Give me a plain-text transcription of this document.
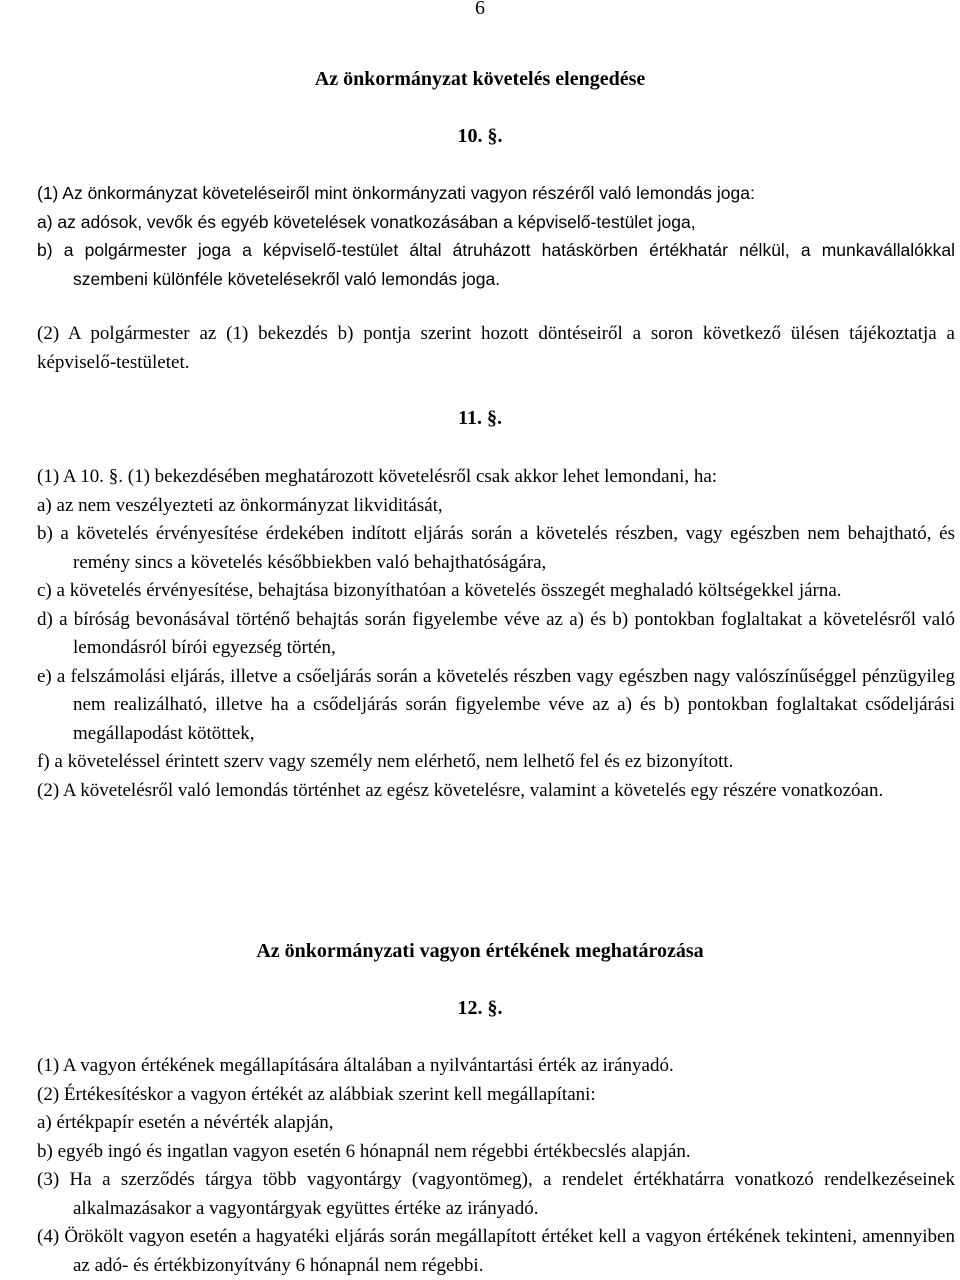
6
Az önkormányzat követelés elengedése
10. §.
(1) Az önkormányzat követeléseiről mint önkormányzati vagyon részéről való lemondás joga:
a) az adósok, vevők és egyéb követelések vonatkozásában a képviselő-testület joga,
b) a polgármester joga a képviselő-testület által átruházott hatáskörben értékhatár nélkül, a munkavállalókkal szembeni különféle követelésekről való lemondás joga.
(2) A polgármester az (1) bekezdés b) pontja szerint hozott döntéseiről a soron következő ülésen tájékoztatja a képviselő-testületet.
11. §.
(1) A 10. §. (1) bekezdésében meghatározott követelésről csak akkor lehet lemondani, ha:
a) az nem veszélyezteti az önkormányzat likviditását,
b) a követelés érvényesítése érdekében indított eljárás során a követelés részben, vagy egészben nem behajtható, és remény sincs a követelés későbbiekben való behajthatóságára,
c) a követelés érvényesítése, behajtása bizonyíthatóan a követelés összegét meghaladó költségekkel járna.
d) a bíróság bevonásával történő behajtás során figyelembe véve az a) és b) pontokban foglaltakat a követelésről való lemondásról bírói egyezség történ,
e) a felszámolási eljárás, illetve a csőeljárás során a követelés részben vagy egészben nagy valószínűséggel pénzügyileg nem realizálható, illetve ha a csődeljárás során figyelembe véve az a) és b) pontokban foglaltakat csődeljárási megállapodást kötöttek,
f) a követeléssel érintett szerv vagy személy nem elérhető, nem lelhető fel és ez bizonyított.
(2) A követelésről való lemondás történhet az egész követelésre, valamint a követelés egy részére vonatkozóan.
Az önkormányzati vagyon értékének meghatározása
12. §.
(1) A vagyon értékének megállapítására általában a nyilvántartási érték az irányadó.
(2) Értékesítéskor a vagyon értékét az alábbiak szerint kell megállapítani:
a) értékpapír esetén a névérték alapján,
b) egyéb ingó és ingatlan vagyon esetén 6 hónapnál nem régebbi értékbecslés alapján.
(3) Ha a szerződés tárgya több vagyontárgy (vagyontömeg), a rendelet értékhatárra vonatkozó rendelkezéseinek alkalmazásakor a vagyontárgyak együttes értéke az irányadó.
(4) Örökölt vagyon esetén a hagyatéki eljárás során megállapított értéket kell a vagyon értékének tekinteni, amennyiben az adó- és értékbizonyítvány 6 hónapnál nem régebbi.
